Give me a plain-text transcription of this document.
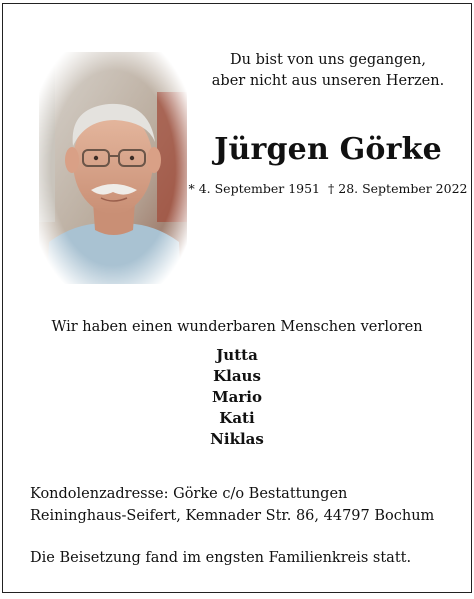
Du bist von uns gegangen,
aber nicht aus unseren Herzen.
Jürgen Görke
* 4. September 1951 † 28. September 2022
Wir haben einen wunderbaren Menschen verloren
Jutta
Klaus
Mario
Kati
Niklas
Kondolenzadresse: Görke c/o Bestattungen
Reininghaus-Seifert, Kemnader Str. 86, 44797 Bochum
Die Beisetzung fand im engsten Familienkreis statt.
